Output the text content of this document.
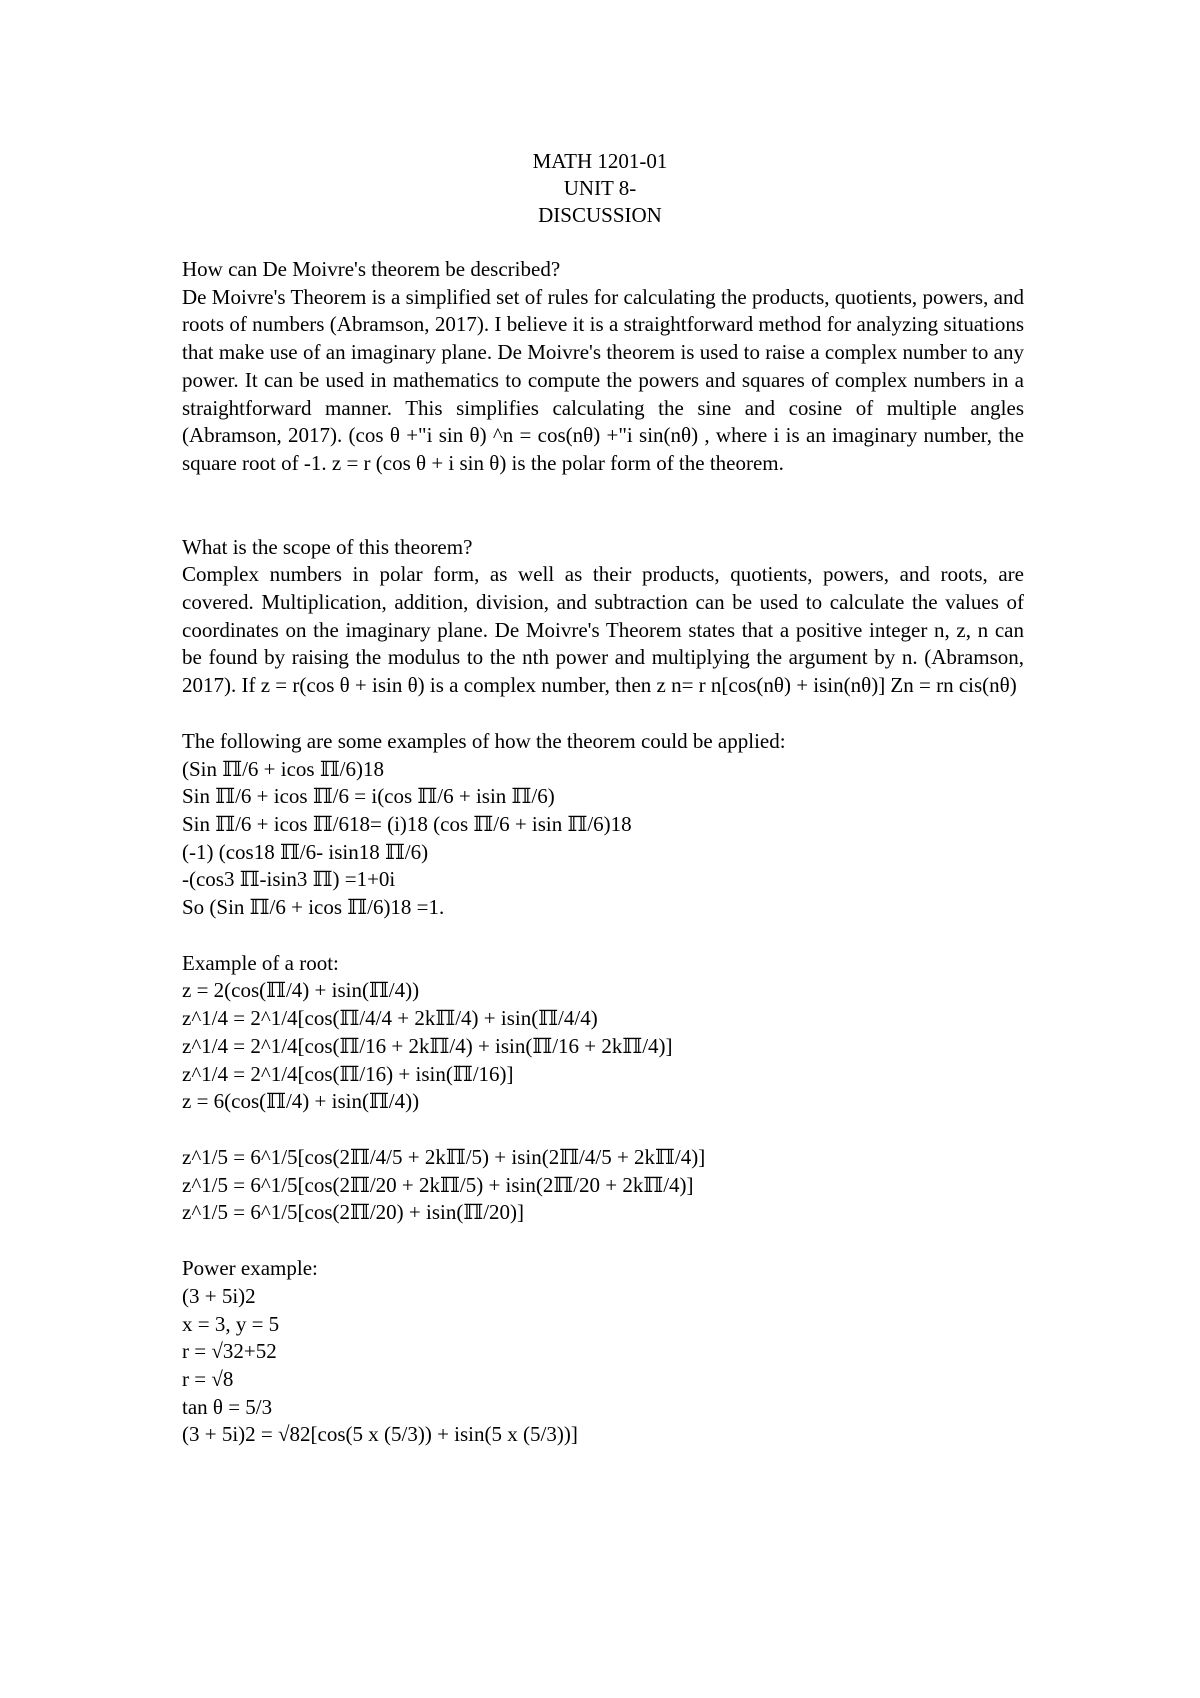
MATH 1201-01
UNIT 8-
DISCUSSION

How can De Moivre's theorem be described?

De Moivre's Theorem is a simplified set of rules for calculating the products, quotients, powers, and roots of numbers (Abramson, 2017). I believe it is a straightforward method for analyzing situations that make use of an imaginary plane. De Moivre's theorem is used to raise a complex number to any power. It can be used in mathematics to compute the powers and squares of complex numbers in a straightforward manner. This simplifies calculating the sine and cosine of multiple angles (Abramson, 2017). (cos θ +"i sin θ) ^n = cos(nθ) +"i sin(nθ) , where i is an imaginary number, the square root of -1. z = r (cos θ + i sin θ) is the polar form of the theorem.

What is the scope of this theorem?

Complex numbers in polar form, as well as their products, quotients, powers, and roots, are covered. Multiplication, addition, division, and subtraction can be used to calculate the values of coordinates on the imaginary plane. De Moivre's Theorem states that a positive integer n, z, n can be found by raising the modulus to the nth power and multiplying the argument by n. (Abramson, 2017). If z = r(cos θ + isin θ) is a complex number, then z n= r n[cos(nθ) + isin(nθ)] Zn = rn cis(nθ)

The following are some examples of how the theorem could be applied:

(Sin ℿ/6 + icos ℿ/6)18

Sin ℿ/6 + icos ℿ/6 = i(cos ℿ/6 + isin ℿ/6)

Sin ℿ/6 + icos ℿ/618= (i)18 (cos ℿ/6 + isin ℿ/6)18

(-1) (cos18 ℿ/6- isin18 ℿ/6)

-(cos3 ℿ-isin3 ℿ) =1+0i

So (Sin ℿ/6 + icos ℿ/6)18 =1.

Example of a root:

z = 2(cos(ℿ/4) + isin(ℿ/4))

z^1/4 = 2^1/4[cos(ℿ/4/4 + 2kℿ/4) + isin(ℿ/4/4)

z^1/4 = 2^1/4[cos(ℿ/16 + 2kℿ/4) + isin(ℿ/16 + 2kℿ/4)]

z^1/4 = 2^1/4[cos(ℿ/16) + isin(ℿ/16)]

z = 6(cos(ℿ/4) + isin(ℿ/4))

z^1/5 = 6^1/5[cos(2ℿ/4/5 + 2kℿ/5) + isin(2ℿ/4/5 + 2kℿ/4)]

z^1/5 = 6^1/5[cos(2ℿ/20 + 2kℿ/5) + isin(2ℿ/20 + 2kℿ/4)]

z^1/5 = 6^1/5[cos(2ℿ/20) + isin(ℿ/20)]

Power example:

(3 + 5i)2

x = 3, y = 5

r = √32+52

r = √8

tan θ = 5/3

(3 + 5i)2 = √82[cos(5 x (5/3)) + isin(5 x (5/3))]
